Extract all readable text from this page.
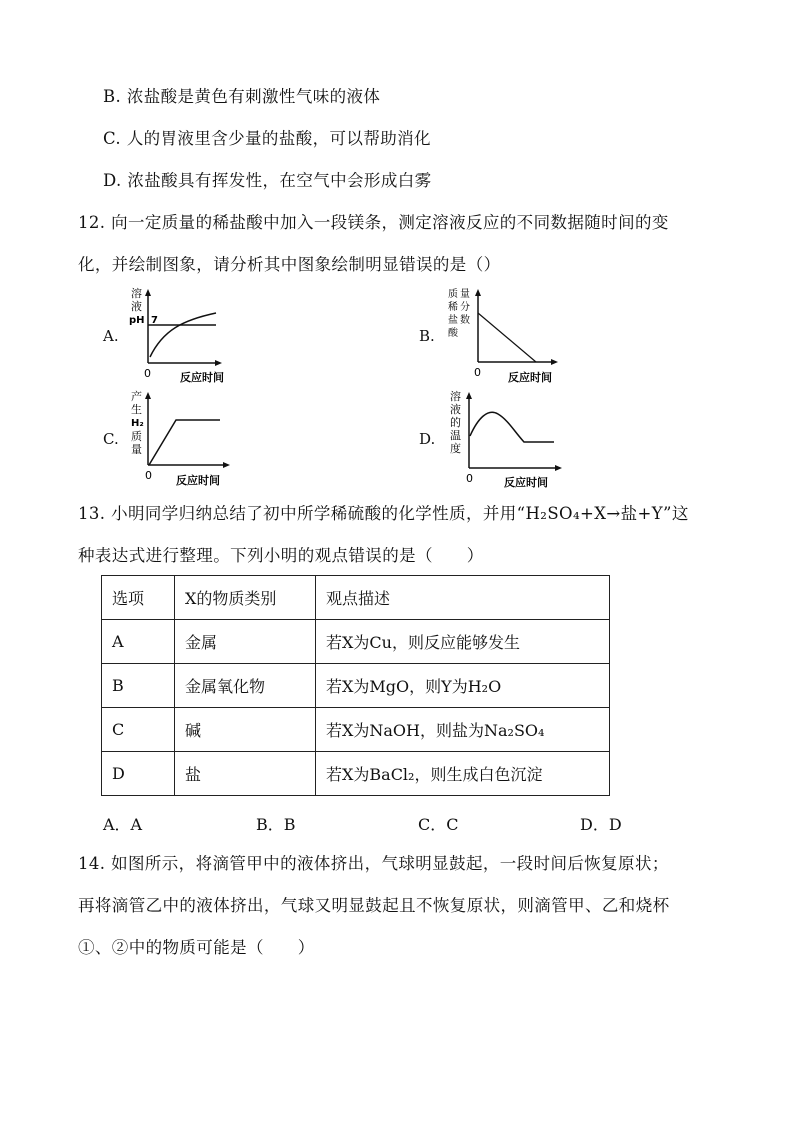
B. 浓盐酸是黄色有刺激性气味的液体
C. 人的胃液里含少量的盐酸，可以帮助消化
D. 浓盐酸具有挥发性，在空气中会形成白雾
12. 向一定质量的稀盐酸中加入一段镁条，测定溶液反应的不同数据随时间的变
化，并绘制图象，请分析其中图象绘制明显错误的是（）
A.
溶
液
pH 7
0	反应时间
B.
质 量
稀
盐
分
酸
数
0 反应时间
C.
产
生
H₂
质
量
0 反应时间
D.
溶
液
的
温
度
0	反应时间
13. 小明同学归纳总结了初中所学稀硫酸的化学性质，并用“H₂SO₄+X→盐+Y”这
种表达式进行整理。下列小明的观点错误的是（　　）
选项	X的物质类别	观点描述
A	金属	若X为Cu，则反应能够发生
B	金属氧化物	若X为MgO，则Y为H₂O
C	碱	若X为NaOH，则盐为Na₂SO₄
D	盐	若X为BaCl₂，则生成白色沉淀
A．A	B．B	C．C	D．D
14. 如图所示，将滴管甲中的液体挤出，气球明显鼓起，一段时间后恢复原状；
再将滴管乙中的液体挤出，气球又明显鼓起且不恢复原状，则滴管甲、乙和烧杯
①、②中的物质可能是（　　）
